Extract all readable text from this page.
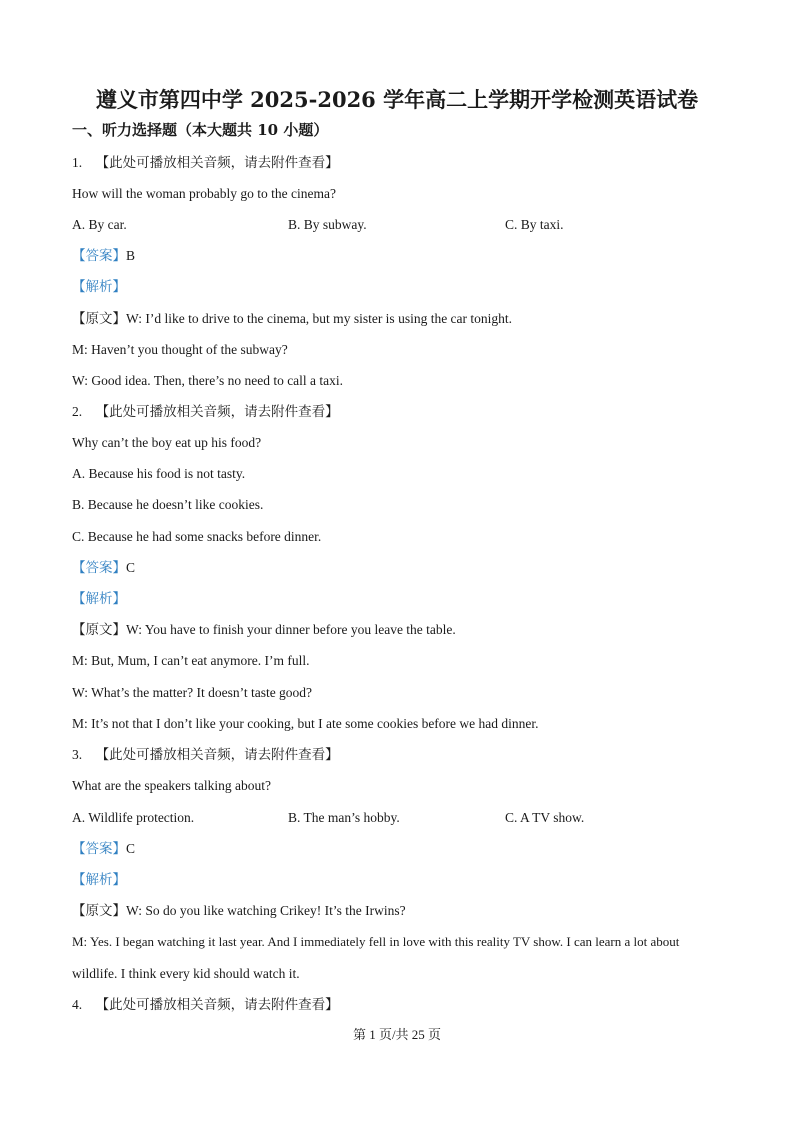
遵义市第四中学 2025-2026 学年高二上学期开学检测英语试卷
一、听力选择题（本大题共 10 小题）
1. 【此处可播放相关音频，请去附件查看】
How will the woman probably go to the cinema?
A. By car.	B. By subway.	C. By taxi.
【答案】B
【解析】
【原文】W: I’d like to drive to the cinema, but my sister is using the car tonight.
M: Haven’t you thought of the subway?
W: Good idea. Then, there’s no need to call a taxi.
2. 【此处可播放相关音频，请去附件查看】
Why can’t the boy eat up his food?
A. Because his food is not tasty.
B. Because he doesn’t like cookies.
C. Because he had some snacks before dinner.
【答案】C
【解析】
【原文】W: You have to finish your dinner before you leave the table.
M: But, Mum, I can’t eat anymore. I’m full.
W: What’s the matter? It doesn’t taste good?
M: It’s not that I don’t like your cooking, but I ate some cookies before we had dinner.
3. 【此处可播放相关音频，请去附件查看】
What are the speakers talking about?
A. Wildlife protection.	B. The man’s hobby.	C. A TV show.
【答案】C
【解析】
【原文】W: So do you like watching Crikey! It’s the Irwins?
M: Yes. I began watching it last year. And I immediately fell in love with this reality TV show. I can learn a lot about
wildlife. I think every kid should watch it.
4. 【此处可播放相关音频，请去附件查看】
第 1 页/共 25 页
